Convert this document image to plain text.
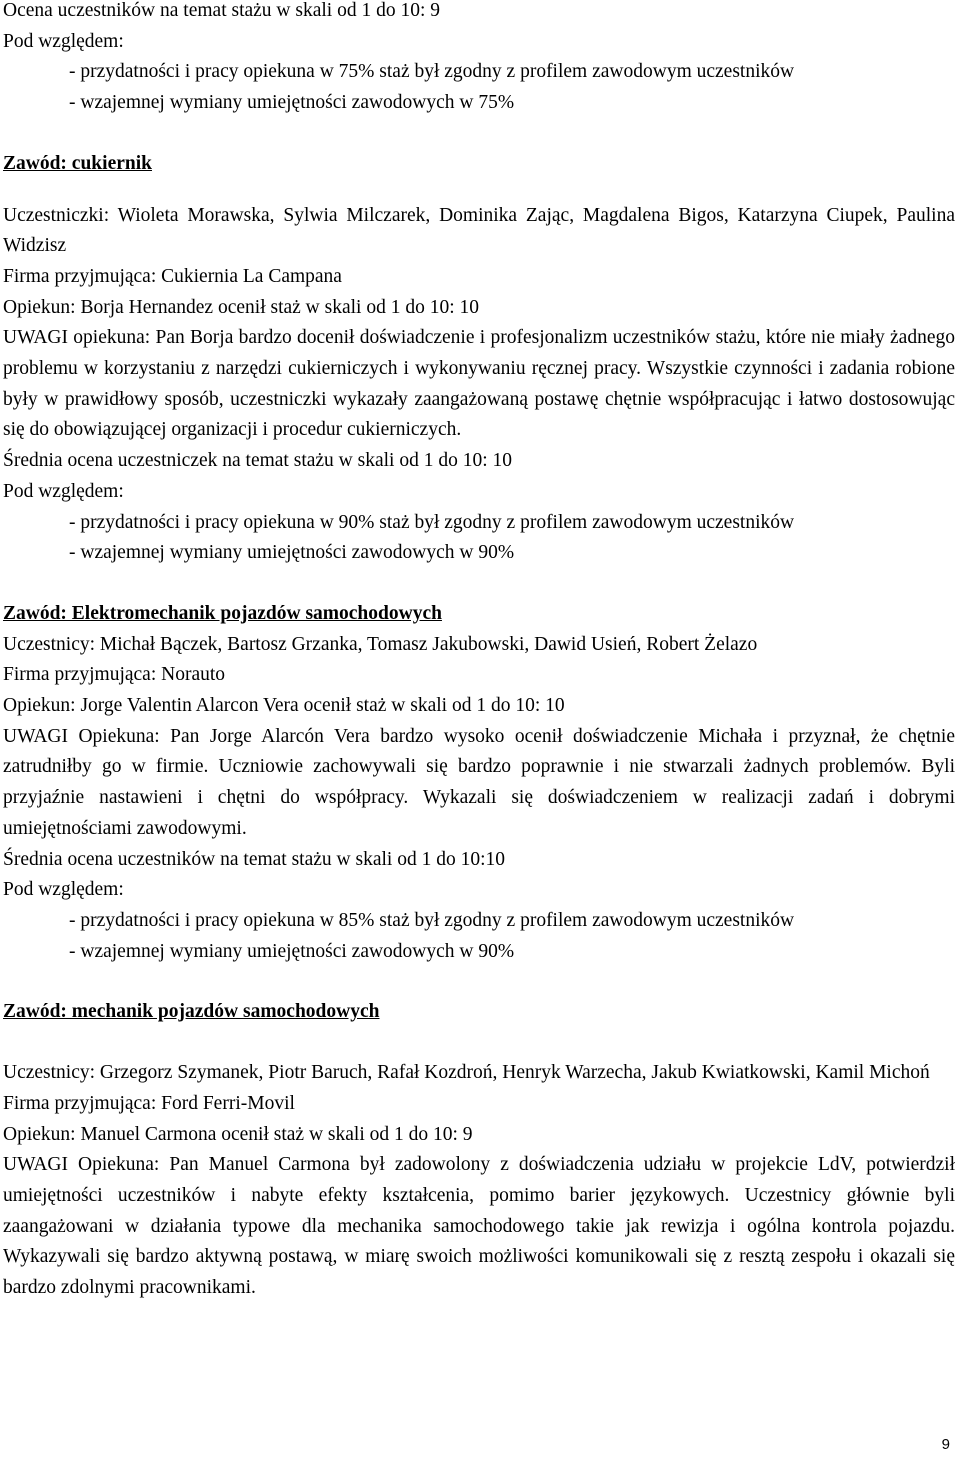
Ocena uczestników na temat stażu w skali od 1 do 10: 9

Pod względem:

- przydatności i pracy opiekuna w 75% staż był zgodny z profilem zawodowym uczestników

- wzajemnej wymiany umiejętności zawodowych w 75%

Zawód: cukiernik

Uczestniczki: Wioleta Morawska, Sylwia Milczarek, Dominika Zając, Magdalena Bigos, Katarzyna Ciupek, Paulina Widzisz

Firma przyjmująca: Cukiernia La Campana

Opiekun: Borja Hernandez ocenił staż w skali od 1 do 10: 10

UWAGI opiekuna: Pan Borja bardzo docenił doświadczenie i profesjonalizm uczestników stażu, które nie miały żadnego problemu w korzystaniu z narzędzi cukierniczych i wykonywaniu ręcznej pracy. Wszystkie czynności i zadania robione były w prawidłowy sposób, uczestniczki wykazały zaangażowaną postawę chętnie współpracując i łatwo dostosowując się do obowiązującej organizacji i procedur cukierniczych.

Średnia ocena uczestniczek na temat stażu w skali od 1 do 10: 10

Pod względem:

- przydatności i pracy opiekuna w 90% staż był zgodny z profilem zawodowym uczestników

- wzajemnej wymiany umiejętności zawodowych w 90%

Zawód: Elektromechanik pojazdów samochodowych

Uczestnicy: Michał Bączek, Bartosz Grzanka, Tomasz Jakubowski, Dawid Usień, Robert Żelazo

Firma przyjmująca: Norauto

Opiekun: Jorge Valentin Alarcon Vera ocenił staż w skali od 1 do 10: 10

UWAGI Opiekuna: Pan Jorge Alarcón Vera bardzo wysoko ocenił doświadczenie Michała i przyznał, że chętnie zatrudniłby go w firmie. Uczniowie zachowywali się bardzo poprawnie i nie stwarzali żadnych problemów. Byli przyjaźnie nastawieni i chętni do współpracy. Wykazali się doświadczeniem w realizacji zadań i dobrymi umiejętnościami zawodowymi.

Średnia ocena uczestników na temat stażu w skali od 1 do 10:10

Pod względem:

- przydatności i pracy opiekuna w 85% staż był zgodny z profilem zawodowym uczestników

- wzajemnej wymiany umiejętności zawodowych w 90%

Zawód: mechanik pojazdów samochodowych

Uczestnicy: Grzegorz Szymanek, Piotr Baruch, Rafał Kozdroń, Henryk Warzecha, Jakub Kwiatkowski, Kamil Michoń

Firma przyjmująca: Ford Ferri-Movil

Opiekun: Manuel Carmona ocenił staż w skali od 1 do 10: 9

UWAGI Opiekuna: Pan Manuel Carmona był zadowolony z doświadczenia udziału w projekcie LdV, potwierdził umiejętności uczestników i nabyte efekty kształcenia, pomimo barier językowych. Uczestnicy głównie byli zaangażowani w działania typowe dla mechanika samochodowego takie jak rewizja i ogólna kontrola pojazdu. Wykazywali się bardzo aktywną postawą, w miarę swoich możliwości komunikowali się z resztą zespołu i okazali się bardzo zdolnymi pracownikami.

9
